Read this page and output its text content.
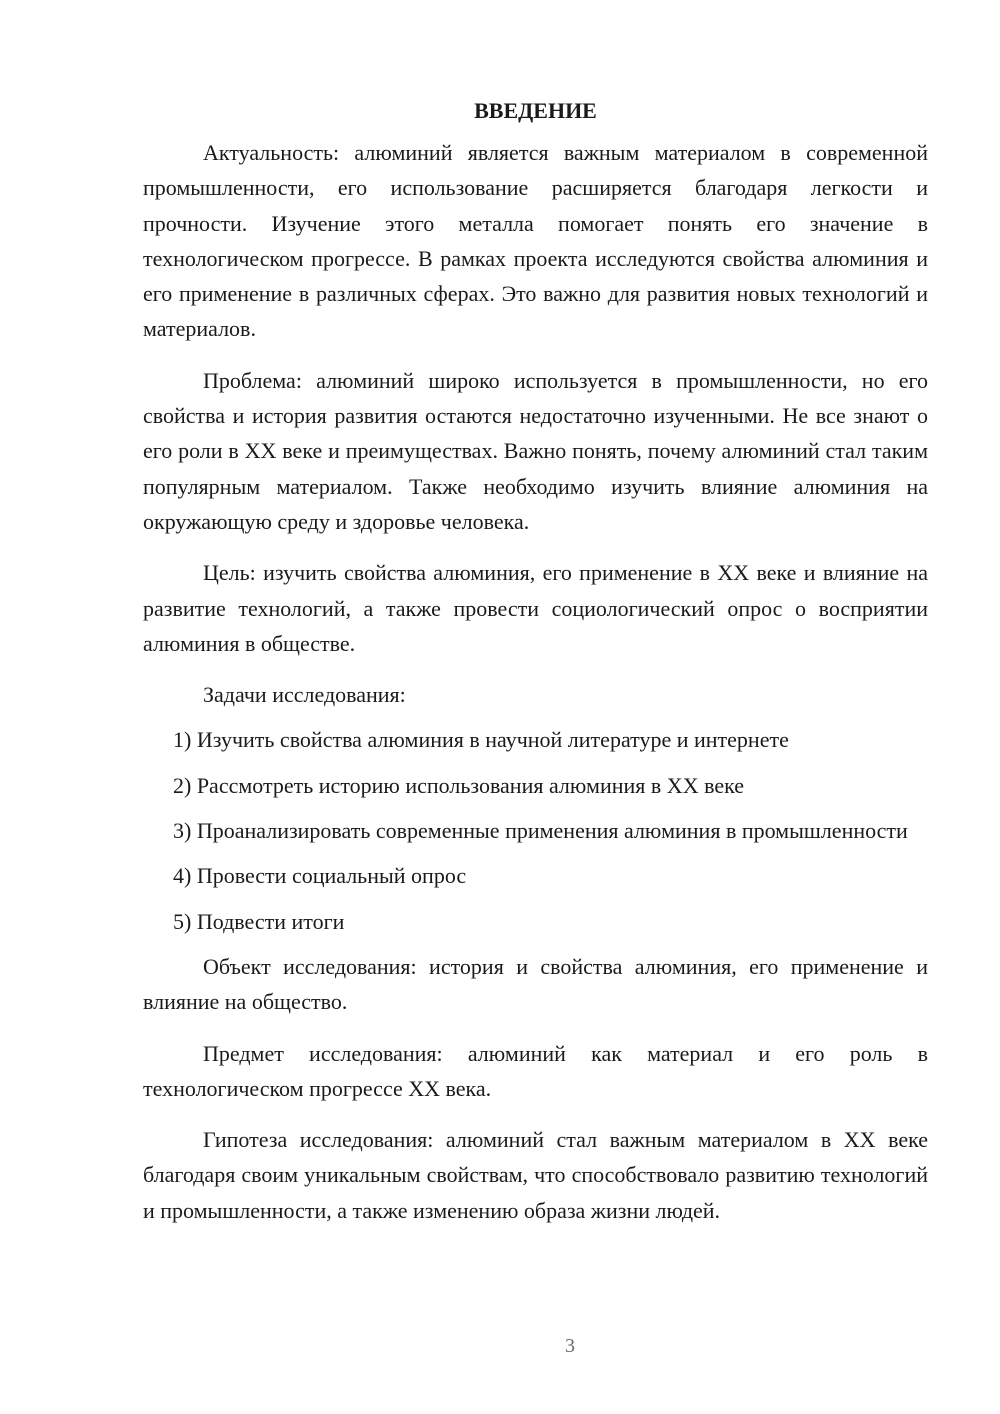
ВВЕДЕНИЕ

Актуальность: алюминий является важным материалом в современной промышленности, его использование расширяется благодаря легкости и прочности. Изучение этого металла помогает понять его значение в технологическом прогрессе. В рамках проекта исследуются свойства алюминия и его применение в различных сферах. Это важно для развития новых технологий и материалов.

Проблема: алюминий широко используется в промышленности, но его свойства и история развития остаются недостаточно изученными. Не все знают о его роли в XX веке и преимуществах. Важно понять, почему алюминий стал таким популярным материалом. Также необходимо изучить влияние алюминия на окружающую среду и здоровье человека.

Цель: изучить свойства алюминия, его применение в XX веке и влияние на развитие технологий, а также провести социологический опрос о восприятии алюминия в обществе.

Задачи исследования:

1) Изучить свойства алюминия в научной литературе и интернете

2) Рассмотреть историю использования алюминия в XX веке

3) Проанализировать современные применения алюминия в промышленности

4) Провести социальный опрос

5) Подвести итоги

Объект исследования: история и свойства алюминия, его применение и влияние на общество.

Предмет исследования: алюминий как материал и его роль в технологическом прогрессе XX века.

Гипотеза исследования: алюминий стал важным материалом в XX веке благодаря своим уникальным свойствам, что способствовало развитию технологий и промышленности, а также изменению образа жизни людей.

3
